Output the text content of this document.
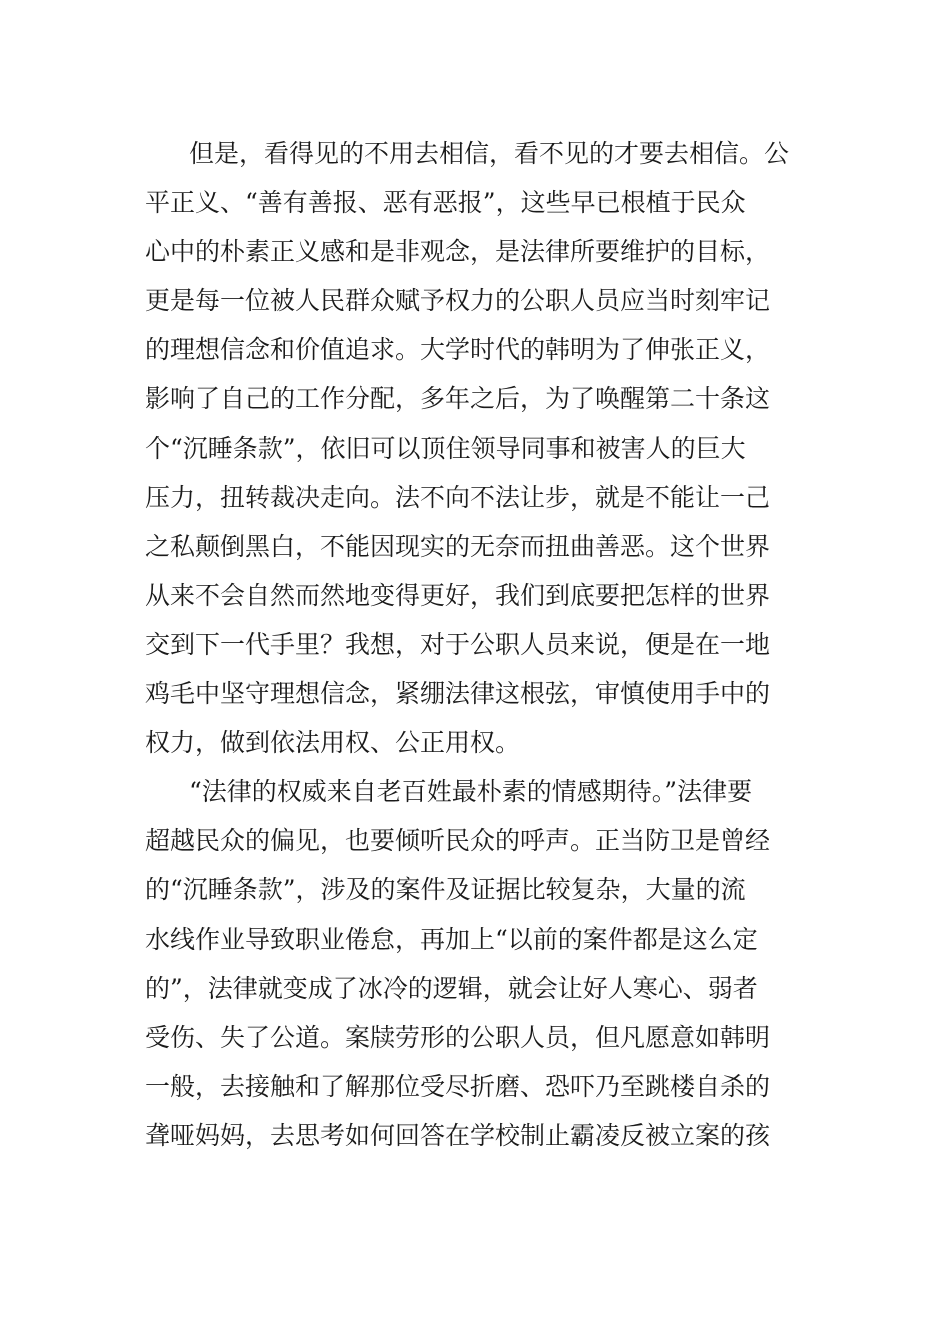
但是，看得见的不用去相信，看不见的才要去相信。公
平正义、“善有善报、恶有恶报”，这些早已根植于民众
心中的朴素正义感和是非观念，是法律所要维护的目标，
更是每一位被人民群众赋予权力的公职人员应当时刻牢记
的理想信念和价值追求。大学时代的韩明为了伸张正义，
影响了自己的工作分配，多年之后，为了唤醒第二十条这
个“沉睡条款”，依旧可以顶住领导同事和被害人的巨大
压力，扭转裁决走向。法不向不法让步，就是不能让一己
之私颠倒黑白，不能因现实的无奈而扭曲善恶。这个世界
从来不会自然而然地变得更好，我们到底要把怎样的世界
交到下一代手里？我想，对于公职人员来说，便是在一地
鸡毛中坚守理想信念，紧绷法律这根弦，审慎使用手中的
权力，做到依法用权、公正用权。
“法律的权威来自老百姓最朴素的情感期待。”法律要
超越民众的偏见，也要倾听民众的呼声。正当防卫是曾经
的“沉睡条款”，涉及的案件及证据比较复杂，大量的流
水线作业导致职业倦怠，再加上“以前的案件都是这么定
的”，法律就变成了冰冷的逻辑，就会让好人寒心、弱者
受伤、失了公道。案牍劳形的公职人员，但凡愿意如韩明
一般，去接触和了解那位受尽折磨、恐吓乃至跳楼自杀的
聋哑妈妈，去思考如何回答在学校制止霸凌反被立案的孩
